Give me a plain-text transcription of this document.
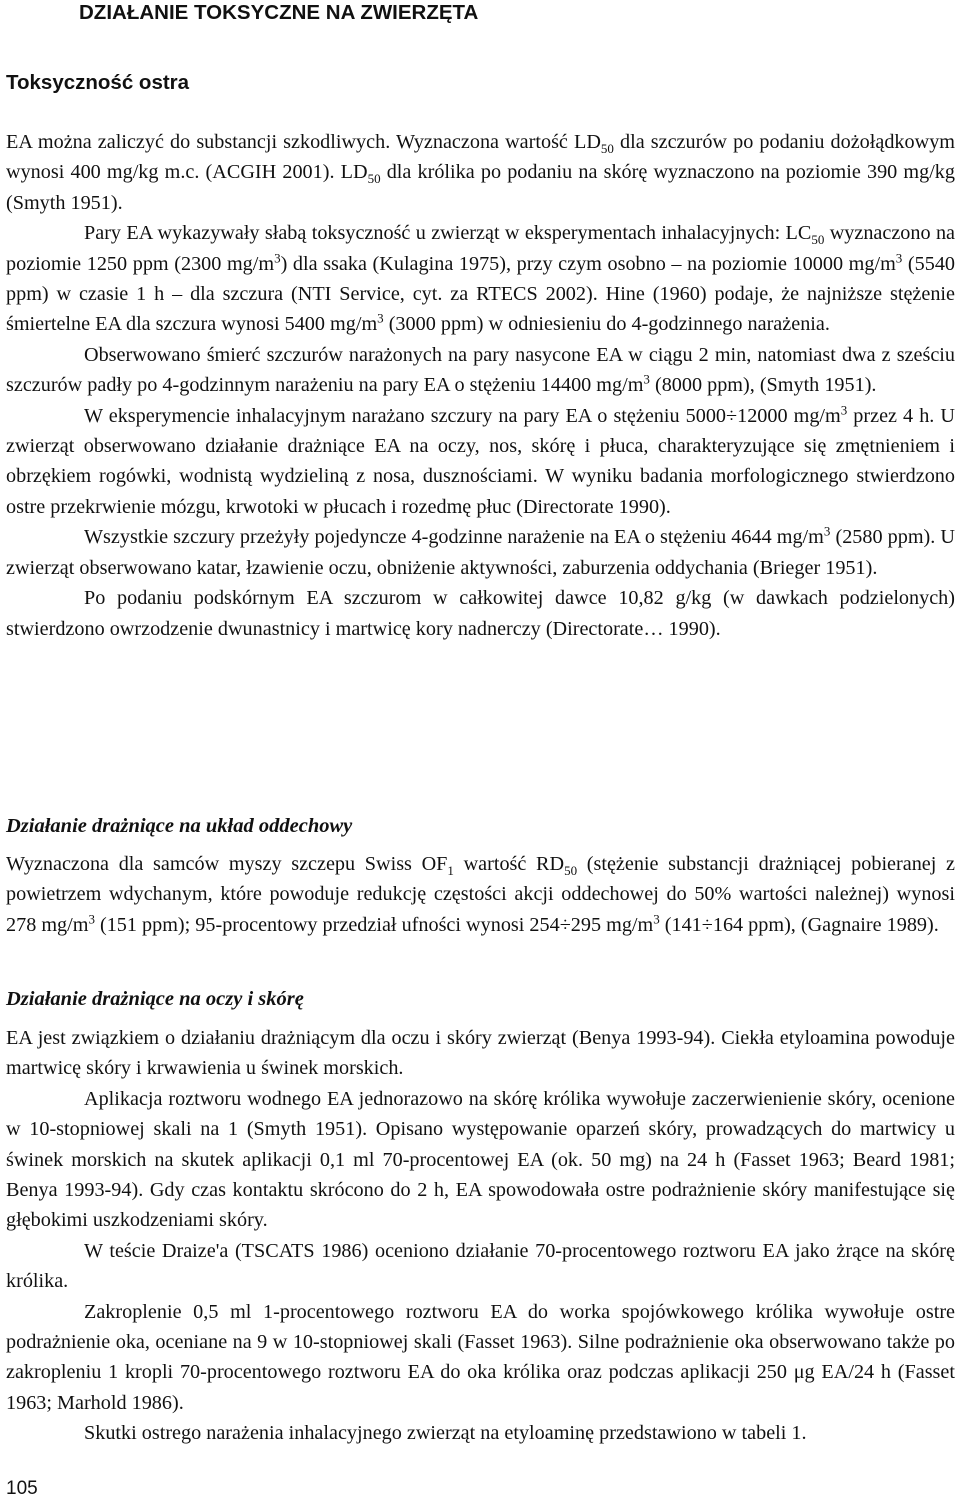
DZIAŁANIE TOKSYCZNE NA ZWIERZĘTA
Toksyczność ostra

EA można zaliczyć do substancji szkodliwych. Wyznaczona wartość $LD_{50}$ dla szczurów po podaniu dożołądkowym wynosi 400 mg/kg m.c. (ACGIH 2001). $LD_{50}$ dla królika po podaniu na skórę wyznaczono na poziomie 390 mg/kg (Smyth 1951).

Pary EA wykazywały słabą toksyczność u zwierząt w eksperymentach inhalacyjnych: $LC_{50}$ wyznaczono na poziomie 1250 ppm (2300 $mg/m^3$) dla ssaka (Kulagina 1975), przy czym osobno – na poziomie 10000 $mg/m^3$ (5540 ppm) w czasie 1 h – dla szczura (NTI Service, cyt. za RTECS 2002). Hine (1960) podaje, że najniższe stężenie śmiertelne EA dla szczura wynosi 5400 $mg/m^3$ (3000 ppm) w odniesieniu do 4-godzinnego narażenia.

Obserwowano śmierć szczurów narażonych na pary nasycone EA w ciągu 2 min, natomiast dwa z sześciu szczurów padły po 4-godzinnym narażeniu na pary EA o stężeniu 14400 $mg/m^3$ (8000 ppm), (Smyth 1951).

W eksperymencie inhalacyjnym narażano szczury na pary EA o stężeniu 5000÷12000 $mg/m^3$ przez 4 h. U zwierząt obserwowano działanie drażniące EA na oczy, nos, skórę i płuca, charakteryzujące się zmętnieniem i obrzękiem rogówki, wodnistą wydzieliną z nosa, dusznościami. W wyniku badania morfologicznego stwierdzono ostre przekrwienie mózgu, krwotoki w płucach i rozedmę płuc (Directorate 1990).

Wszystkie szczury przeżyły pojedyncze 4-godzinne narażenie na EA o stężeniu 4644 $mg/m^3$ (2580 ppm). U zwierząt obserwowano katar, łzawienie oczu, obniżenie aktywności, zaburzenia oddychania (Brieger 1951).

Po podaniu podskórnym EA szczurom w całkowitej dawce 10,82 g/kg (w dawkach podzielonych) stwierdzono owrzodzenie dwunastnicy i martwicę kory nadnerczy (Directorate… 1990).

Działanie drażniące na układ oddechowy

Wyznaczona dla samców myszy szczepu Swiss $OF_1$ wartość $RD_{50}$ (stężenie substancji drażniącej pobieranej z powietrzem wdychanym, które powoduje redukcję częstości akcji oddechowej do 50% wartości należnej) wynosi 278 $mg/m^3$ (151 ppm); 95-procentowy przedział ufności wynosi 254÷295 $mg/m^3$ (141÷164 ppm), (Gagnaire 1989).

Działanie drażniące na oczy i skórę

EA jest związkiem o działaniu drażniącym dla oczu i skóry zwierząt (Benya 1993-94). Ciekła etyloamina powoduje martwicę skóry i krwawienia u świnek morskich.

Aplikacja roztworu wodnego EA jednorazowo na skórę królika wywołuje zaczerwienienie skóry, ocenione w 10-stopniowej skali na 1 (Smyth 1951). Opisano występowanie oparzeń skóry, prowadzących do martwicy u świnek morskich na skutek aplikacji 0,1 ml 70-procentowej EA (ok. 50 mg) na 24 h (Fasset 1963; Beard 1981; Benya 1993-94). Gdy czas kontaktu skrócono do 2 h, EA spowodowała ostre podrażnienie skóry manifestujące się głębokimi uszkodzeniami skóry.

W teście Draize'a (TSCATS 1986) oceniono działanie 70-procentowego roztworu EA jako żrące na skórę królika.

Zakroplenie 0,5 ml 1-procentowego roztworu EA do worka spojówkowego królika wywołuje ostre podrażnienie oka, oceniane na 9 w 10-stopniowej skali (Fasset 1963). Silne podrażnienie oka obserwowano także po zakropleniu 1 kropli 70-procentowego roztworu EA do oka królika oraz podczas aplikacji 250 μg EA/24 h (Fasset 1963; Marhold 1986).

Skutki ostrego narażenia inhalacyjnego zwierząt na etyloaminę przedstawiono w tabeli 1.

105
